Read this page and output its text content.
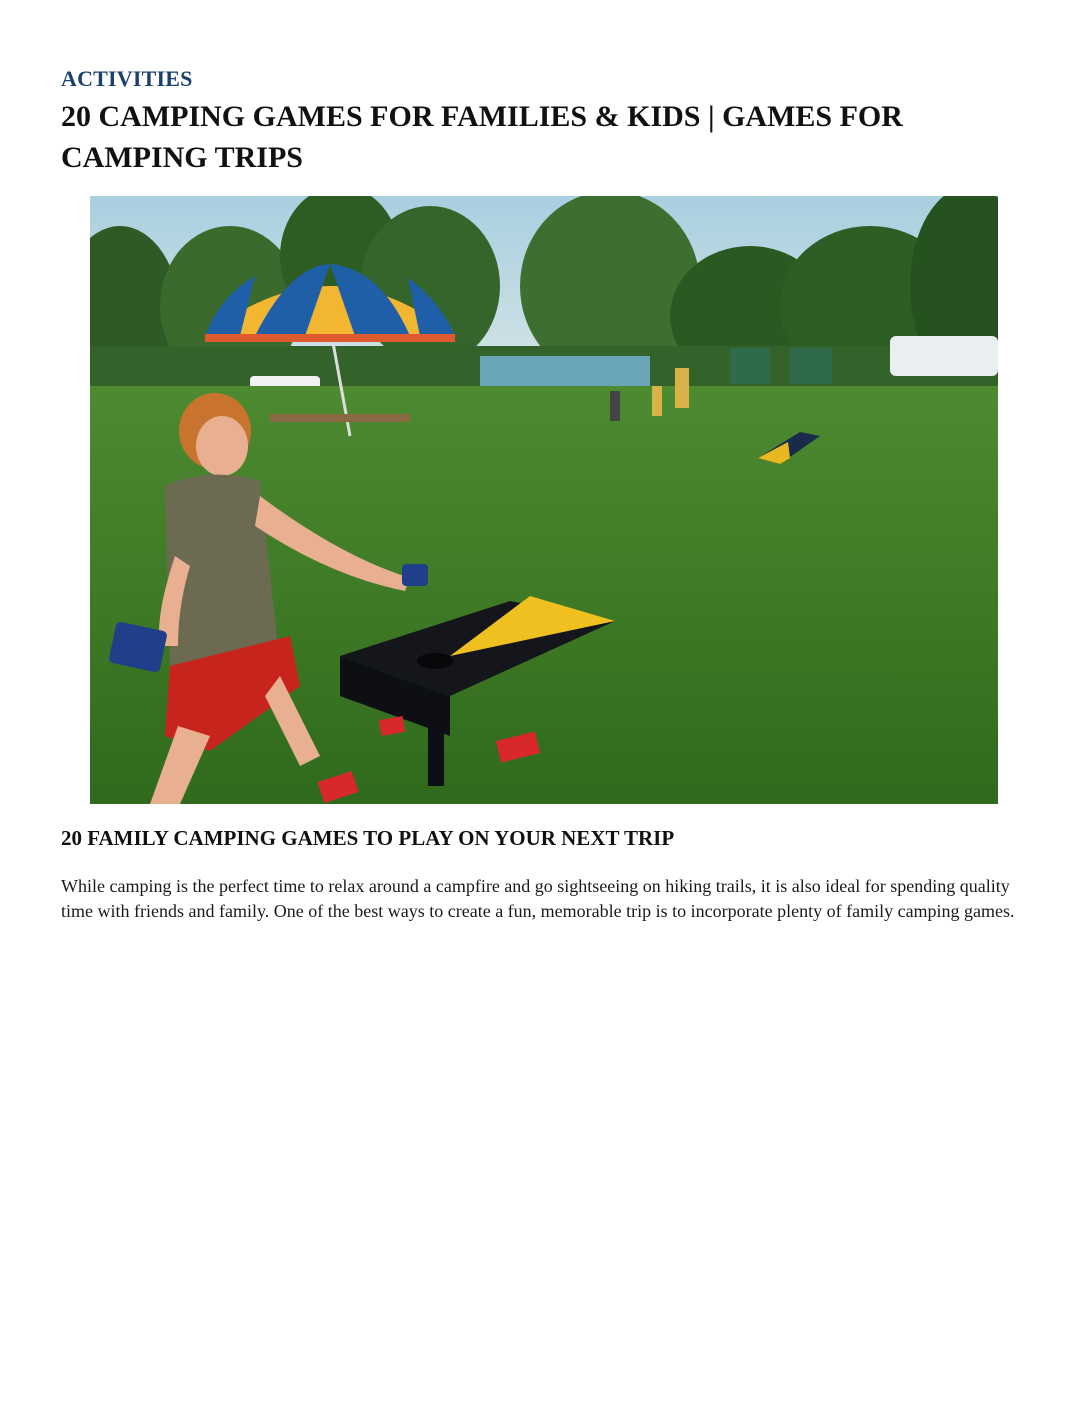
ACTIVITIES
20 CAMPING GAMES FOR FAMILIES & KIDS | GAMES FOR CAMPING TRIPS
20 FAMILY CAMPING GAMES TO PLAY ON YOUR NEXT TRIP

While camping is the perfect time to relax around a campfire and go sightseeing on hiking trails, it is also ideal for spending quality time with friends and family. One of the best ways to create a fun, memorable trip is to incorporate plenty of family camping games.
